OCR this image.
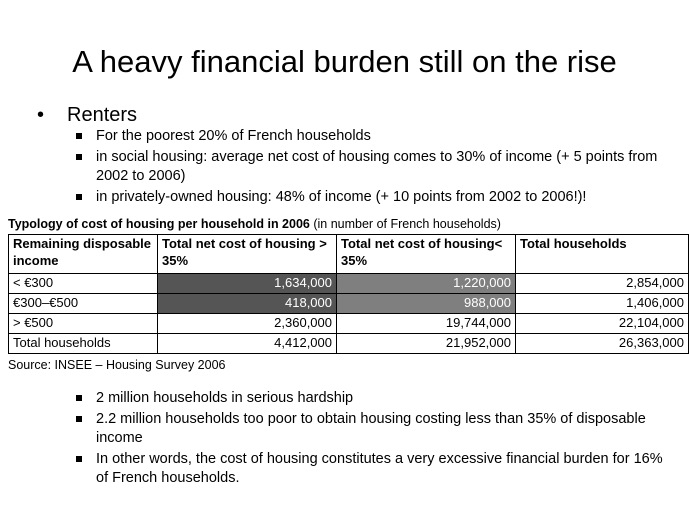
A heavy financial burden still on the rise
• Renters
For the poorest 20% of French households
in social housing: average net cost of housing comes to 30% of income (+ 5 points from 2002 to 2006)
in privately-owned housing: 48% of income (+ 10 points from 2002 to 2006!)!
Typology of cost of housing per household in 2006 (in number of French households)
Remaining disposable income	Total net cost of housing > 35%	Total net cost of housing< 35%	Total households
< €300	1,634,000	1,220,000	2,854,000
€300–€500	418,000	988,000	1,406,000
> €500	2,360,000	19,744,000	22,104,000
Total households	4,412,000	21,952,000	26,363,000
Source: INSEE – Housing Survey 2006
2 million households in serious hardship
2.2 million households too poor to obtain housing costing less than 35% of disposable income
In other words, the cost of housing constitutes a very excessive financial burden for 16% of French households.
